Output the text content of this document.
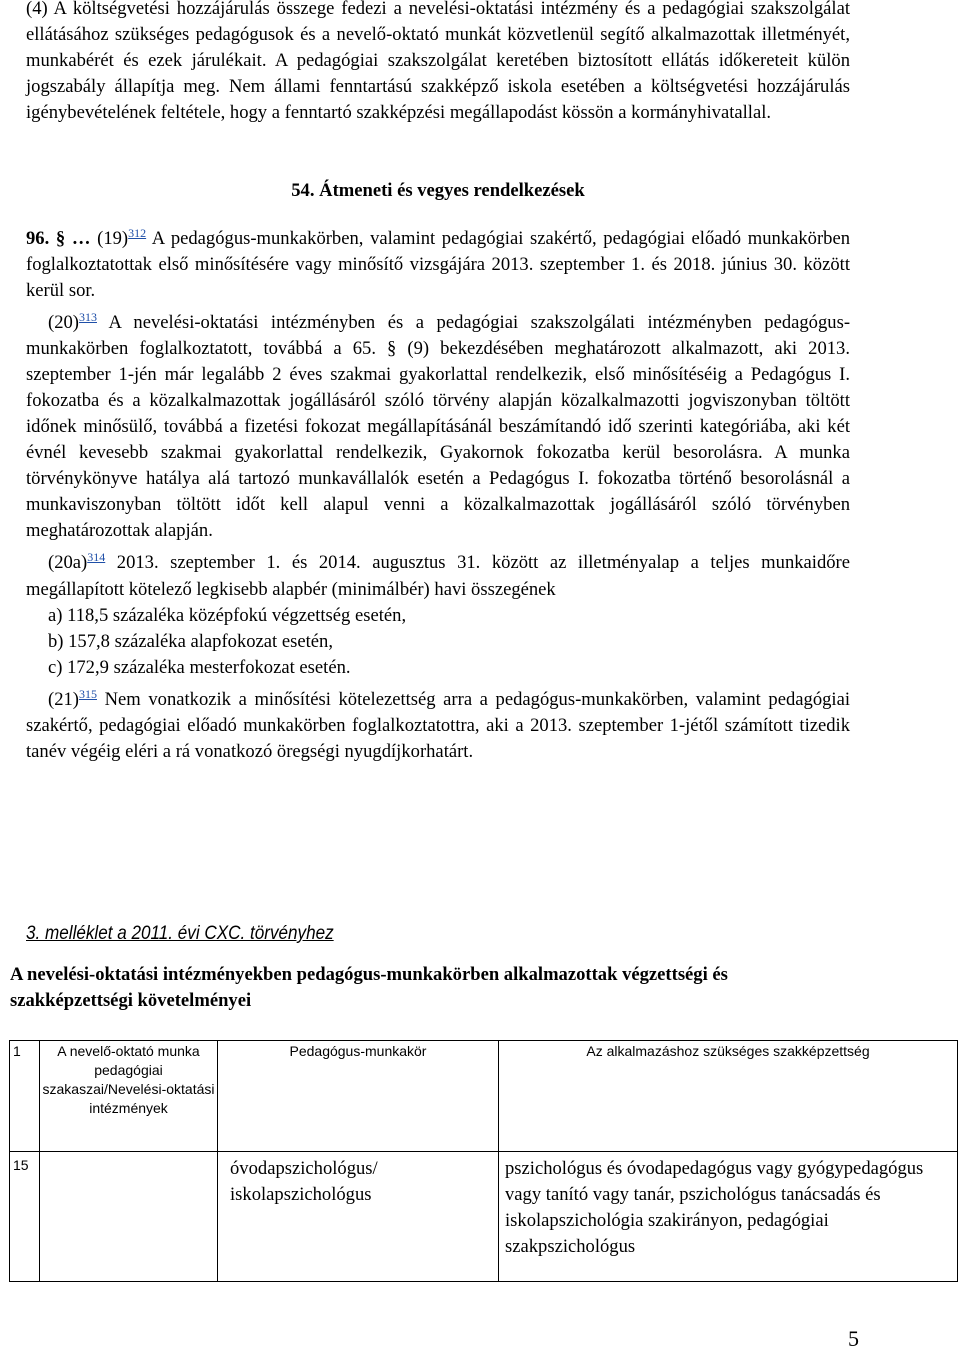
(4) A költségvetési hozzájárulás összege fedezi a nevelési-oktatási intézmény és a pedagógiai szakszolgálat ellátásához szükséges pedagógusok és a nevelő-oktató munkát közvetlenül segítő alkalmazottak illetményét, munkabérét és ezek járulékait. A pedagógiai szakszolgálat keretében biztosított ellátás időkereteit külön jogszabály állapítja meg. Nem állami fenntartású szakképző iskola esetében a költségvetési hozzájárulás igénybevételének feltétele, hogy a fenntartó szakképzési megállapodást kössön a kormányhivatallal.

54. Átmeneti és vegyes rendelkezések

96. § … $(19)^{312}$ A pedagógus-munkakörben, valamint pedagógiai szakértő, pedagógiai előadó munkakörben foglalkoztatottak első minősítésére vagy minősítő vizsgájára 2013. szeptember 1. és 2018. június 30. között kerül sor.

$(20)^{313}$ A nevelési-oktatási intézményben és a pedagógiai szakszolgálati intézményben pedagógus-munkakörben foglalkoztatott, továbbá a 65. § (9) bekezdésében meghatározott alkalmazott, aki 2013. szeptember 1-jén már legalább 2 éves szakmai gyakorlattal rendelkezik, első minősítéséig a Pedagógus I. fokozatba és a közalkalmazottak jogállásáról szóló törvény alapján közalkalmazotti jogviszonyban töltött időnek minősülő, továbbá a fizetési fokozat megállapításánál beszámítandó idő szerinti kategóriába, aki két évnél kevesebb szakmai gyakorlattal rendelkezik, Gyakornok fokozatba kerül besorolásra. A munka törvénykönyve hatálya alá tartozó munkavállalók esetén a Pedagógus I. fokozatba történő besorolásnál a munkaviszonyban töltött időt kell alapul venni a közalkalmazottak jogállásáról szóló törvényben meghatározottak alapján.

$(20a)^{314}$ 2013. szeptember 1. és 2014. augusztus 31. között az illetményalap a teljes munkaidőre megállapított kötelező legkisebb alapbér (minimálbér) havi összegének

a) 118,5 százaléka középfokú végzettség esetén,

b) 157,8 százaléka alapfokozat esetén,

c) 172,9 százaléka mesterfokozat esetén.

$(21)^{315}$ Nem vonatkozik a minősítési kötelezettség arra a pedagógus-munkakörben, valamint pedagógiai szakértő, pedagógiai előadó munkakörben foglalkoztatottra, aki a 2013. szeptember 1-jétől számított tizedik tanév végéig eléri a rá vonatkozó öregségi nyugdíjkorhatárt.

3. melléklet a 2011. évi CXC. törvényhez
A nevelési-oktatási intézményekben pedagógus-munkakörben alkalmazottak végzettségi és szakképzettségi követelményei
1	A nevelő-oktató munka pedagógiai szakaszai/Nevelési-oktatási intézmények	Pedagógus-munkakör	Az alkalmazáshoz szükséges szakképzettség
15		óvodapszichológus/ iskolapszichológus	pszichológus és óvodapedagógus vagy gyógypedagógus vagy tanító vagy tanár, pszichológus tanácsadás és iskolapszichológia szakirányon, pedagógiai szakpszichológus
5
